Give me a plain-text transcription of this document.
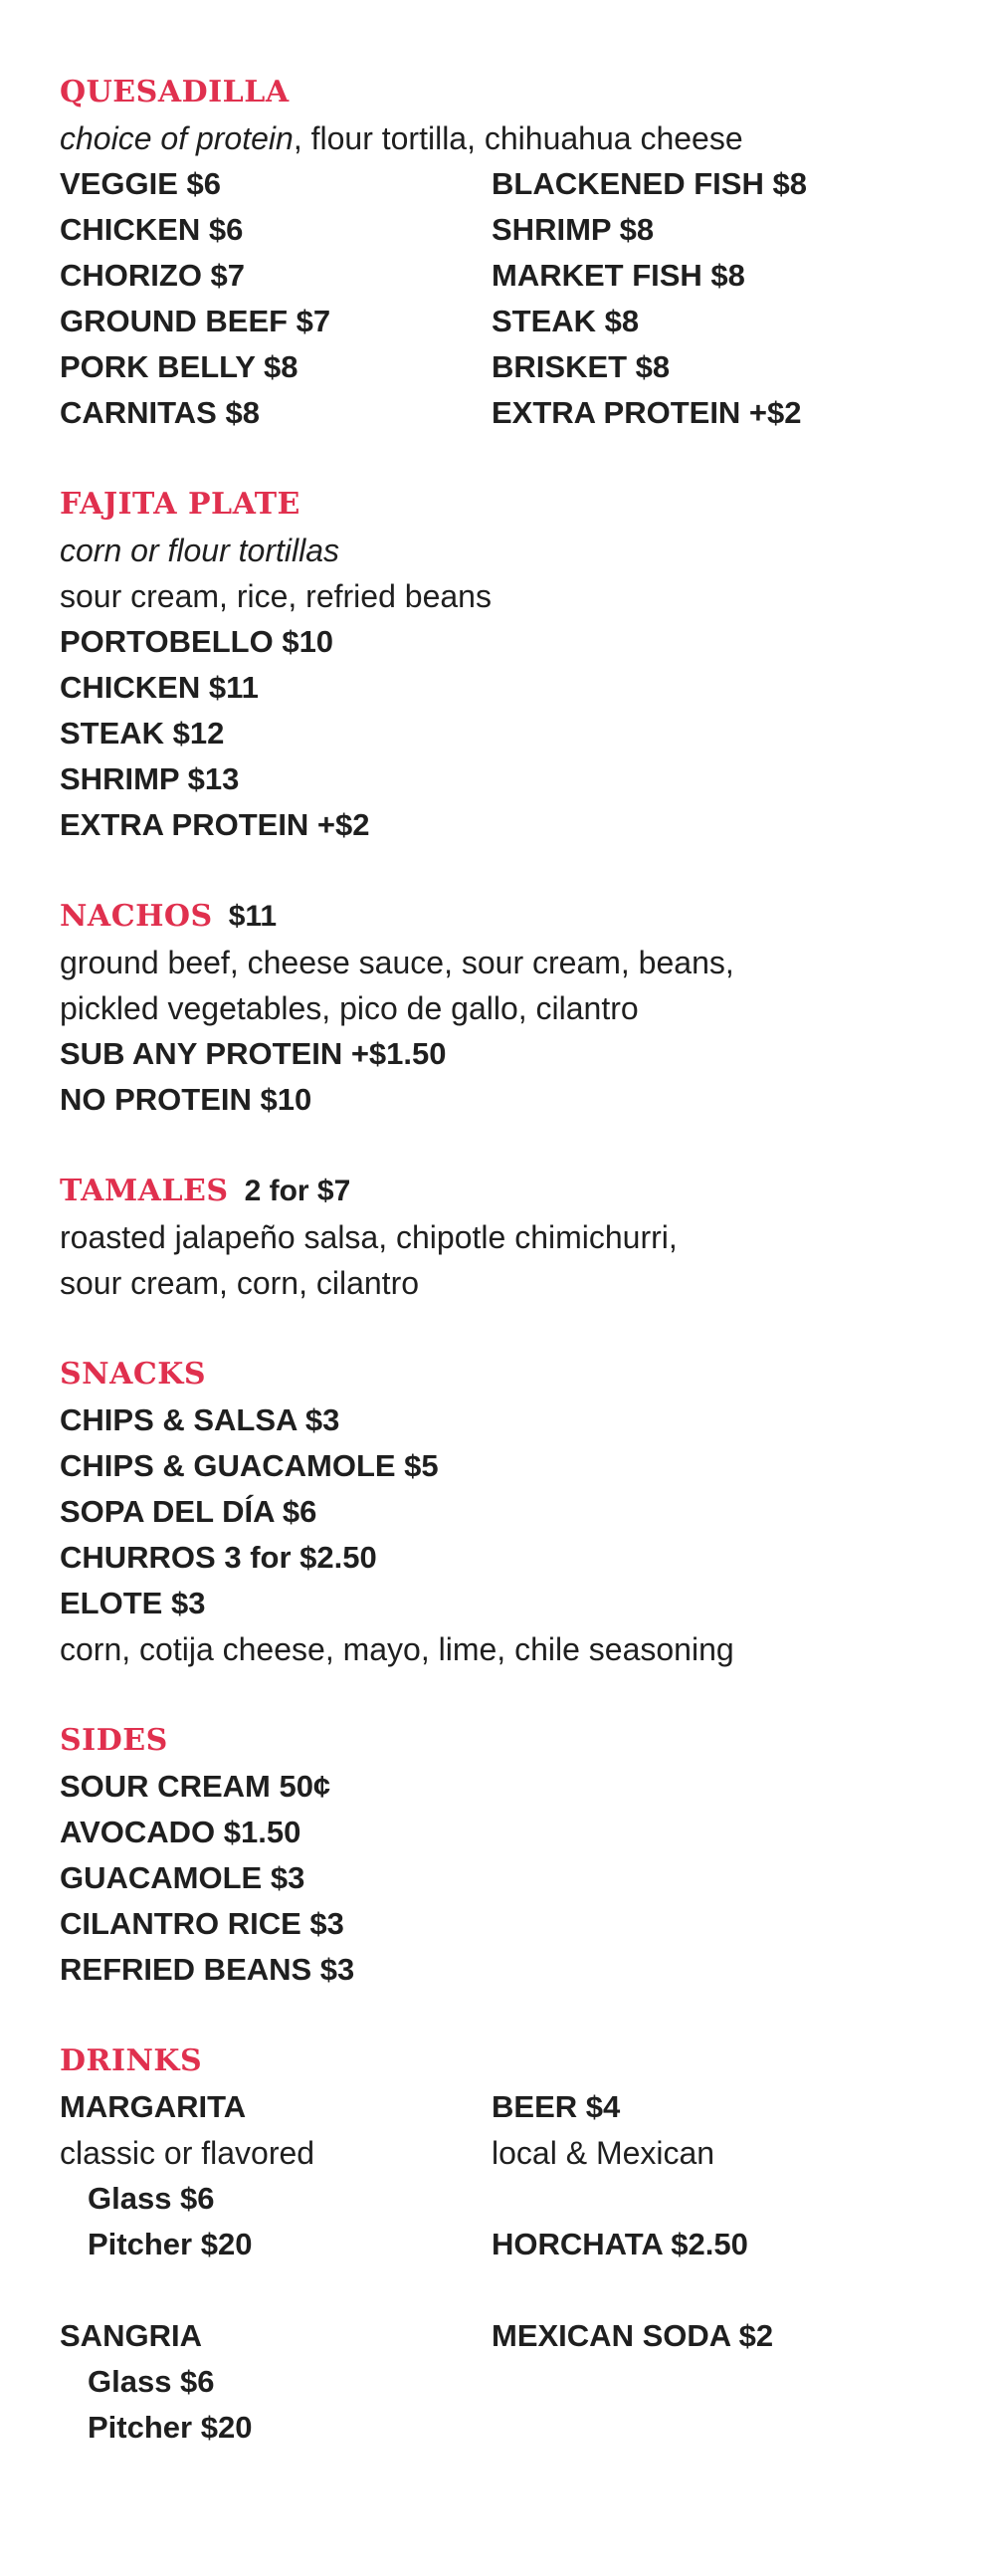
QUESADILLA
choice of protein, flour tortilla, chihuahua cheese
VEGGIE $6
CHICKEN $6
CHORIZO $7
GROUND BEEF $7
PORK BELLY $8
CARNITAS $8
BLACKENED FISH $8
SHRIMP $8
MARKET FISH $8
STEAK $8
BRISKET $8
EXTRA PROTEIN +$2
FAJITA PLATE
corn or flour tortillas
sour cream, rice, refried beans
PORTOBELLO $10
CHICKEN $11
STEAK $12
SHRIMP $13
EXTRA PROTEIN +$2
NACHOS $11
ground beef, cheese sauce, sour cream, beans,
pickled vegetables, pico de gallo, cilantro
SUB ANY PROTEIN +$1.50
NO PROTEIN $10
TAMALES 2 for $7
roasted jalapeño salsa, chipotle chimichurri,
sour cream, corn, cilantro
SNACKS
CHIPS & SALSA $3
CHIPS & GUACAMOLE $5
SOPA DEL DÍA $6
CHURROS 3 for $2.50
ELOTE $3
corn, cotija cheese, mayo, lime, chile seasoning
SIDES
SOUR CREAM 50¢
AVOCADO $1.50
GUACAMOLE $3
CILANTRO RICE $3
REFRIED BEANS $3
DRINKS
MARGARITA
classic or flavored
Glass $6
Pitcher $20
SANGRIA
Glass $6
Pitcher $20
BEER $4
local & Mexican
HORCHATA $2.50
MEXICAN SODA $2
